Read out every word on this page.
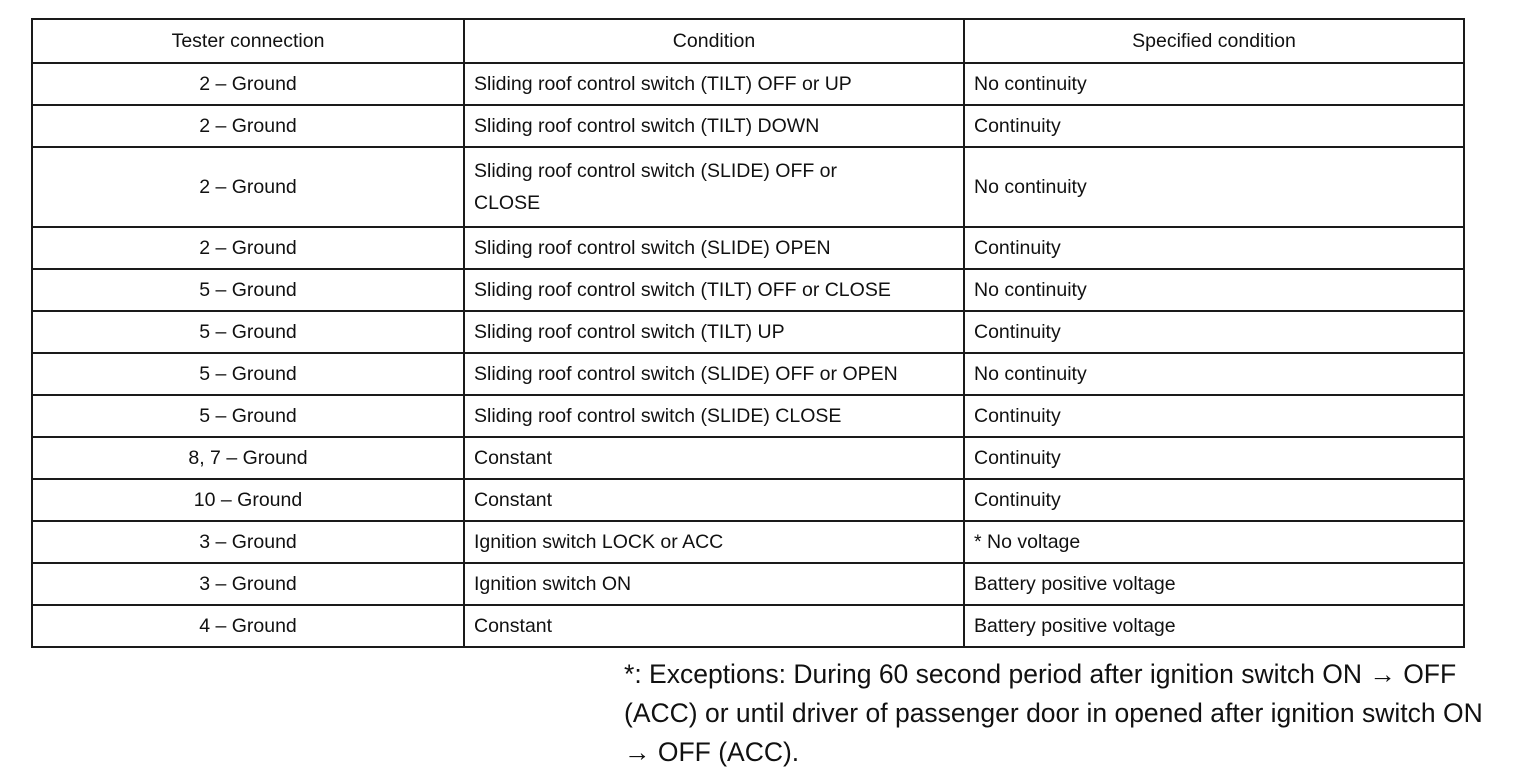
Tester connection	Condition	Specified condition
2 – Ground	Sliding roof control switch (TILT) OFF or UP	No continuity
2 – Ground	Sliding roof control switch (TILT) DOWN	Continuity
2 – Ground	Sliding roof control switch (SLIDE) OFF or CLOSE	No continuity
2 – Ground	Sliding roof control switch (SLIDE) OPEN	Continuity
5 – Ground	Sliding roof control switch (TILT) OFF or CLOSE	No continuity
5 – Ground	Sliding roof control switch (TILT) UP	Continuity
5 – Ground	Sliding roof control switch (SLIDE) OFF or OPEN	No continuity
5 – Ground	Sliding roof control switch (SLIDE) CLOSE	Continuity
8, 7 – Ground	Constant	Continuity
10 – Ground	Constant	Continuity
3 – Ground	Ignition switch LOCK or ACC	* No voltage
3 – Ground	Ignition switch ON	Battery positive voltage
4 – Ground	Constant	Battery positive voltage
*: Exceptions: During 60 second period after ignition switch ON → OFF (ACC) or until driver of passenger door in opened after ignition switch ON → OFF (ACC).
